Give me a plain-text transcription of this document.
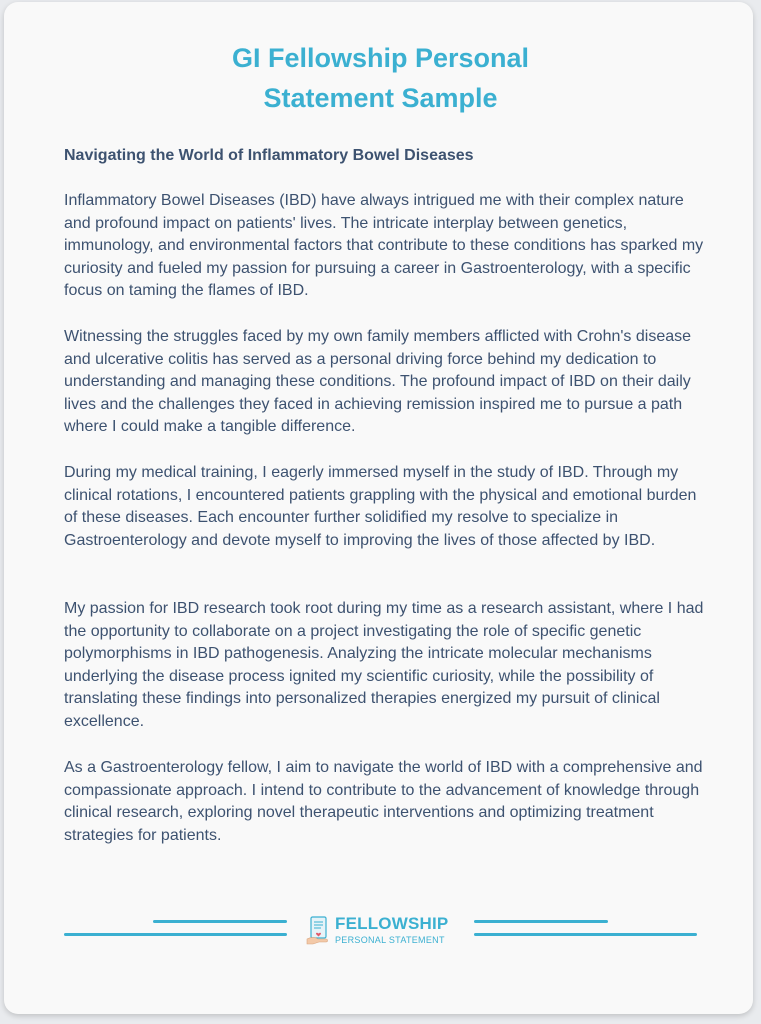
GI Fellowship Personal
Statement Sample
Navigating the World of Inflammatory Bowel Diseases

Inflammatory Bowel Diseases (IBD) have always intrigued me with their complex nature and profound impact on patients' lives. The intricate interplay between genetics, immunology, and environmental factors that contribute to these conditions has sparked my curiosity and fueled my passion for pursuing a career in Gastroenterology, with a specific focus on taming the flames of IBD.

Witnessing the struggles faced by my own family members afflicted with Crohn's disease and ulcerative colitis has served as a personal driving force behind my dedication to understanding and managing these conditions. The profound impact of IBD on their daily lives and the challenges they faced in achieving remission inspired me to pursue a path where I could make a tangible difference.

During my medical training, I eagerly immersed myself in the study of IBD. Through my clinical rotations, I encountered patients grappling with the physical and emotional burden of these diseases. Each encounter further solidified my resolve to specialize in Gastroenterology and devote myself to improving the lives of those affected by IBD.

My passion for IBD research took root during my time as a research assistant, where I had the opportunity to collaborate on a project investigating the role of specific genetic polymorphisms in IBD pathogenesis. Analyzing the intricate molecular mechanisms underlying the disease process ignited my scientific curiosity, while the possibility of translating these findings into personalized therapies energized my pursuit of clinical excellence.

As a Gastroenterology fellow, I aim to navigate the world of IBD with a comprehensive and compassionate approach. I intend to contribute to the advancement of knowledge through clinical research, exploring novel therapeutic interventions and optimizing treatment strategies for patients.

FELLOWSHIP
PERSONAL STATEMENT
